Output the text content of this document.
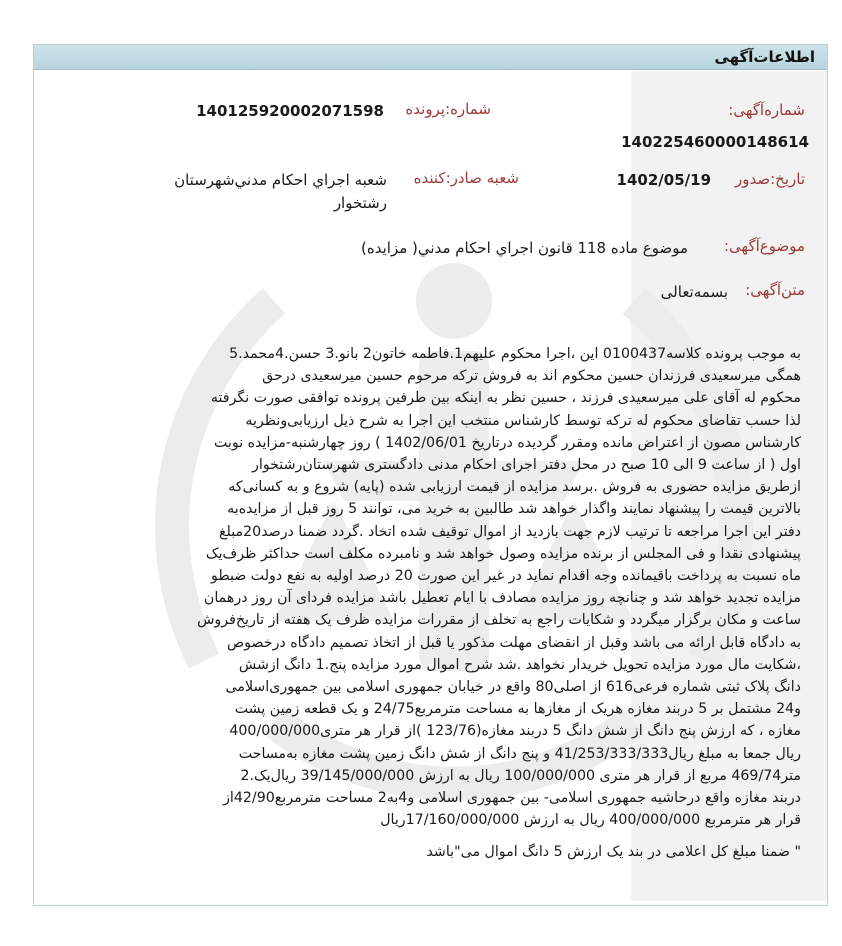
اطلاعات‌آگهی
شماره:پرونده
14012592000207‌1598	شماره‌آگهی:
14022546000014‌8614
شعبه صادر:کننده
شعبه اجراي احکام مدني‌شهرستان
رشتخوار
تاریخ:صدور
1402/05/19
موضوع‌آگهی:
موضوع ماده 118 قانون اجراي احکام مدني( مزايده)
متن‌آگهی:
بسمه‌تعالی

به موجب پرونده کلاسه0100437 این ،اجرا محکوم علیهم1.فاطمه خاتون2 بانو.3 حسن.4محمد.5

همگی میرسعیدی فرزندان حسین محکوم اند به فروش ترکه مرحوم حسین میرسعیدی درحق

محکوم له آقای علی میرسعیدی فرزند ، حسین نظر به اینکه بین طرفین پرونده توافقی صورت نگرفته

لذا حسب تقاضای محکوم له ترکه توسط کارشناس منتخب این اجرا به شرح ذیل ارزیابی‌ونظریه

کارشناس مصون از اعتراض مانده ومقرر گردیده درتاریخ 1402/06/01 ) روز چهارشنبه-مزایده نوبت

اول ( از ساعت 9 الی 10 صبح در محل دفتر اجرای احکام مدنی دادگستری شهرستان‌رشتخوار

ازطریق مزایده حضوری به فروش .برسد مزایده از قیمت ارزیابی شده (پایه) شروع و به کسانی‌که

بالاترین قیمت را پیشنهاد نمایند واگذار خواهد شد طالبین به خرید می، توانند 5 روز قبل از مزایده‌به

دفتر این اجرا مراجعه تا ترتیب لازم جهت بازدید از اموال توقیف شده اتخاد .گردد ضمنا درصد20مبلغ

پیشنهادی نقدا و فی المجلس از برنده مزایده وصول خواهد شد و نامبرده مکلف است حداکثر ظرف‌یک

ماه نسبت به پرداخت باقیمانده وجه اقدام نماید در غیر این صورت 20 درصد اولیه به نفع دولت ضبطو

مزایده تجدید خواهد شد و چنانچه روز مزایده مصادف با ایام تعطیل باشد مزایده فردای آن روز درهمان

ساعت و مکان برگزار میگردد و شکایات راجع به تخلف از مقررات مزایده ظرف یک هفته از تاریخ‌فروش

به دادگاه قابل ارائه می باشد وقبل از انقضای مهلت مذکور یا قبل از اتخاذ تصمیم دادگاه درخصوص

،شکایت مال مورد مزایده تحویل خریدار نخواهد .شد شرح اموال مورد مزایده پنج.1 دانگ ازشش

دانگ پلاک ثبتی شماره فرعی616 از اصلی80 واقع در خیابان جمهوری اسلامی بین جمهوری‌اسلامی

و24 مشتمل بر 5 دربند مغازه هریک از مغازها به مساحت مترمربع24/75 و یک قطعه زمین پشت

مغازه ، که ارزش پنج دانگ از شش دانگ 5 دربند مغازه(123/76 )از قرار هر متری400/000/000

ریال جمعا به مبلغ ریال41/253/333/333 و پنج دانگ از شش دانگ زمین پشت مغازه به‌مساحت

متر469/74 مربع از قرار هر متری 100/000/000 ریال به ارزش 39/145/000/000 ریال‌یک.2

دربند مغازه واقع درحاشیه جمهوری اسلامی- بین جمهوری اسلامی و4به2 مساحت مترمربع42/90از

قرار هر مترمربع 400/000/000 ریال به ارزش 17/160/000/000ریال

" ضمنا مبلغ کل اعلامی در بند یک ارزش 5 دانگ اموال می"باشد
